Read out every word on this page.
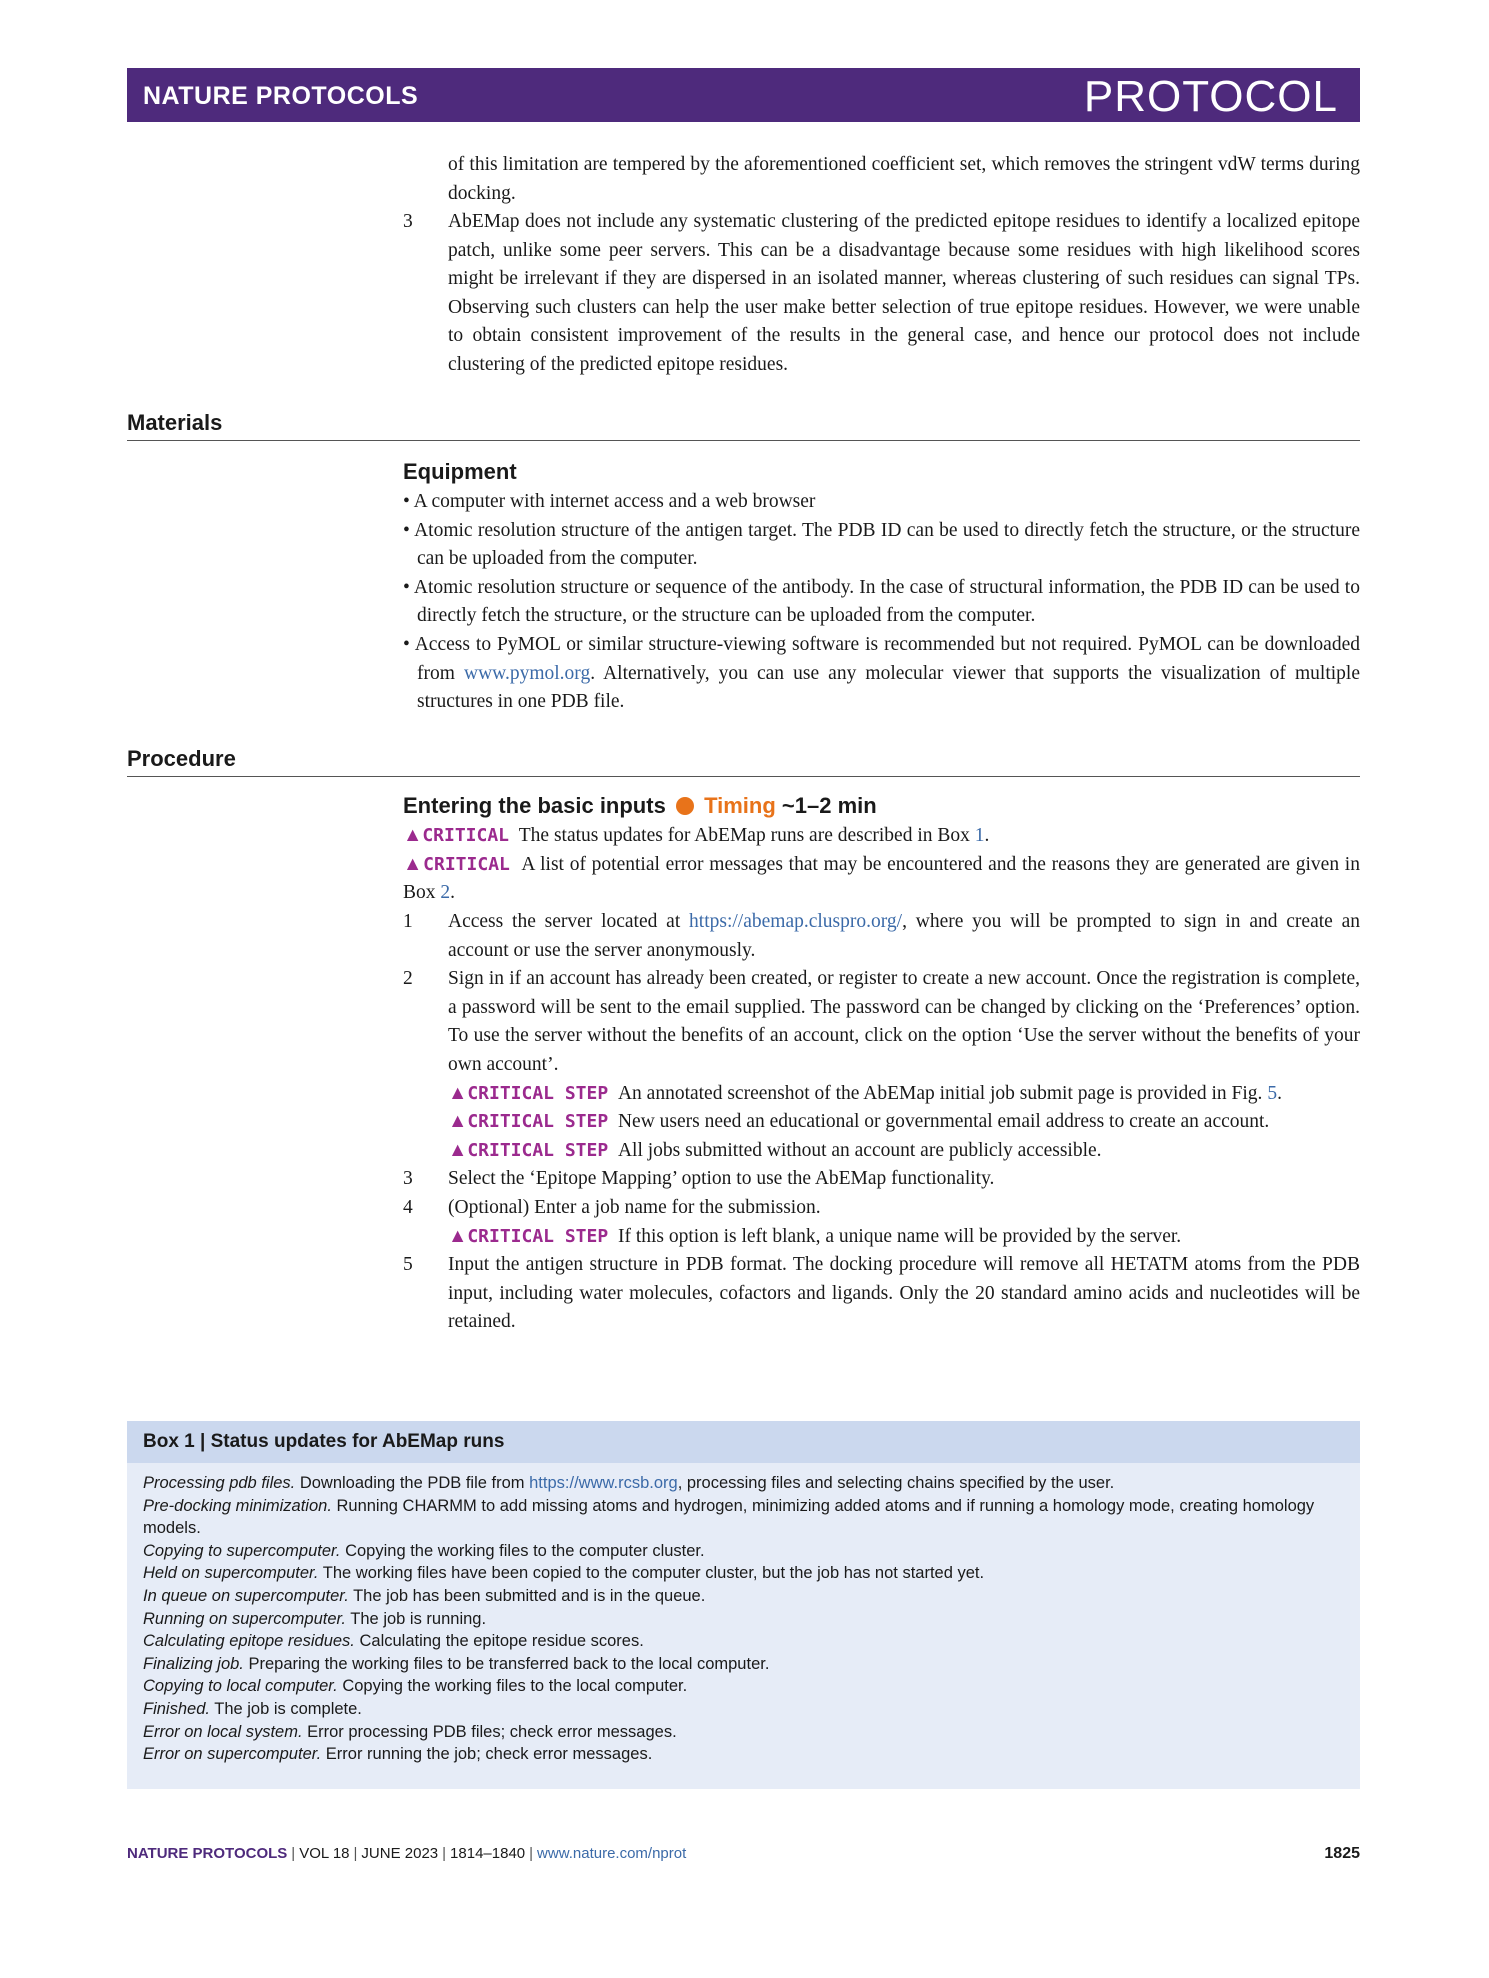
NATURE PROTOCOLS	PROTOCOL
of this limitation are tempered by the aforementioned coefficient set, which removes the stringent vdW terms during docking.
3	AbEMap does not include any systematic clustering of the predicted epitope residues to identify a localized epitope patch, unlike some peer servers. This can be a disadvantage because some residues with high likelihood scores might be irrelevant if they are dispersed in an isolated manner, whereas clustering of such residues can signal TPs. Observing such clusters can help the user make better selection of true epitope residues. However, we were unable to obtain consistent improvement of the results in the general case, and hence our protocol does not include clustering of the predicted epitope residues.
Materials
Equipment
• A computer with internet access and a web browser
• Atomic resolution structure of the antigen target. The PDB ID can be used to directly fetch the structure, or the structure can be uploaded from the computer.
• Atomic resolution structure or sequence of the antibody. In the case of structural information, the PDB ID can be used to directly fetch the structure, or the structure can be uploaded from the computer.
• Access to PyMOL or similar structure-viewing software is recommended but not required. PyMOL can be downloaded from www.pymol.org. Alternatively, you can use any molecular viewer that supports the visualization of multiple structures in one PDB file.
Procedure
Entering the basic inputs Timing ~1–2 min
▲CRITICAL The status updates for AbEMap runs are described in Box 1.
▲CRITICAL A list of potential error messages that may be encountered and the reasons they are generated are given in Box 2.
1	Access the server located at https://abemap.cluspro.org/, where you will be prompted to sign in and create an account or use the server anonymously.
2	Sign in if an account has already been created, or register to create a new account. Once the registration is complete, a password will be sent to the email supplied. The password can be changed by clicking on the ‘Preferences’ option. To use the server without the benefits of an account, click on the option ‘Use the server without the benefits of your own account’.
▲CRITICAL STEP An annotated screenshot of the AbEMap initial job submit page is provided in Fig. 5.
▲CRITICAL STEP New users need an educational or governmental email address to create an account.
▲CRITICAL STEP All jobs submitted without an account are publicly accessible.
3	Select the ‘Epitope Mapping’ option to use the AbEMap functionality.
4	(Optional) Enter a job name for the submission.
▲CRITICAL STEP If this option is left blank, a unique name will be provided by the server.
5	Input the antigen structure in PDB format. The docking procedure will remove all HETATM atoms from the PDB input, including water molecules, cofactors and ligands. Only the 20 standard amino acids and nucleotides will be retained.
Box 1 | Status updates for AbEMap runs
Processing pdb files. Downloading the PDB file from https://www.rcsb.org, processing files and selecting chains specified by the user.
Pre-docking minimization. Running CHARMM to add missing atoms and hydrogen, minimizing added atoms and if running a homology mode, creating homology models.
Copying to supercomputer. Copying the working files to the computer cluster.
Held on supercomputer. The working files have been copied to the computer cluster, but the job has not started yet.
In queue on supercomputer. The job has been submitted and is in the queue.
Running on supercomputer. The job is running.
Calculating epitope residues. Calculating the epitope residue scores.
Finalizing job. Preparing the working files to be transferred back to the local computer.
Copying to local computer. Copying the working files to the local computer.
Finished. The job is complete.
Error on local system. Error processing PDB files; check error messages.
Error on supercomputer. Error running the job; check error messages.
NATURE PROTOCOLS | VOL 18 | JUNE 2023 | 1814–1840 | www.nature.com/nprot	1825
